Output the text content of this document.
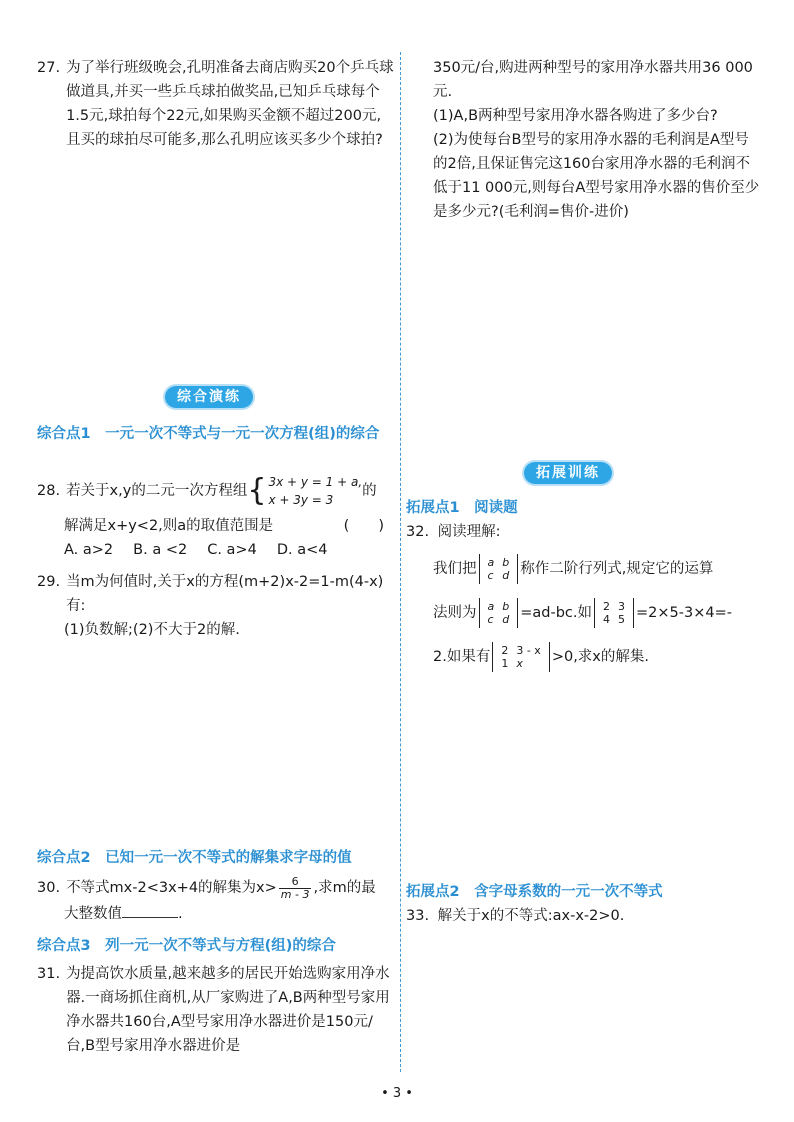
27. 为了举行班级晚会,孔明准备去商店购买20个乒乓球做道具,并买一些乒乓球拍做奖品,已知乒乓球每个1.5元,球拍每个22元,如果购买金额不超过200元,且买的球拍尽可能多,那么孔明应该买多少个球拍?
综合演练
综合点1　一元一次不等式与一元一次方程(组)的综合
28. 若关于x,y的二元一次方程组 { 3x + y = 1 + a,
x + 3y = 3
的
解满足x+y<2,则a的取值范围是	(　　)
A. a>2 B. a <2 C. a>4 D. a<4
29. 当m为何值时,关于x的方程(m+2)x-2=1-m(4-x)有:
(1)负数解;(2)不大于2的解.
综合点2　已知一元一次不等式的解集求字母的值
30. 不等式mx-2<3x+4的解集为$x> \frac{6}{m - 3}$ ,求m的最
大整数值	.
综合点3　列一元一次不等式与方程(组)的综合
31. 为提高饮水质量,越来越多的居民开始选购家用净水器.一商场抓住商机,从厂家购进了A,B两种型号家用净水器共160台,A型号家用净水器进价是150元/台,B型号家用净水器进价是
350元/台,购进两种型号的家用净水器共用36 000元.
(1)A,B两种型号家用净水器各购进了多少台?
(2)为使每台B型号的家用净水器的毛利润是A型号的2倍,且保证售完这160台家用净水器的毛利润不低于11 000元,则每台A型号家用净水器的售价至少是多少元?(毛利润=售价-进价)
拓展训练
拓展点1　阅读题
32. 阅读理解:
我们把 a	b
c	d 称作二阶行列式,规定它的运算
法则为 a	b
c	d =ad-bc.如 2	3
4	5 =2×5-3×4=-
2.如果有 2	3 - x
1	x >0,求x的解集.
拓展点2　含字母系数的一元一次不等式
33. 解关于x的不等式:ax-x-2>0.
• 3 •
